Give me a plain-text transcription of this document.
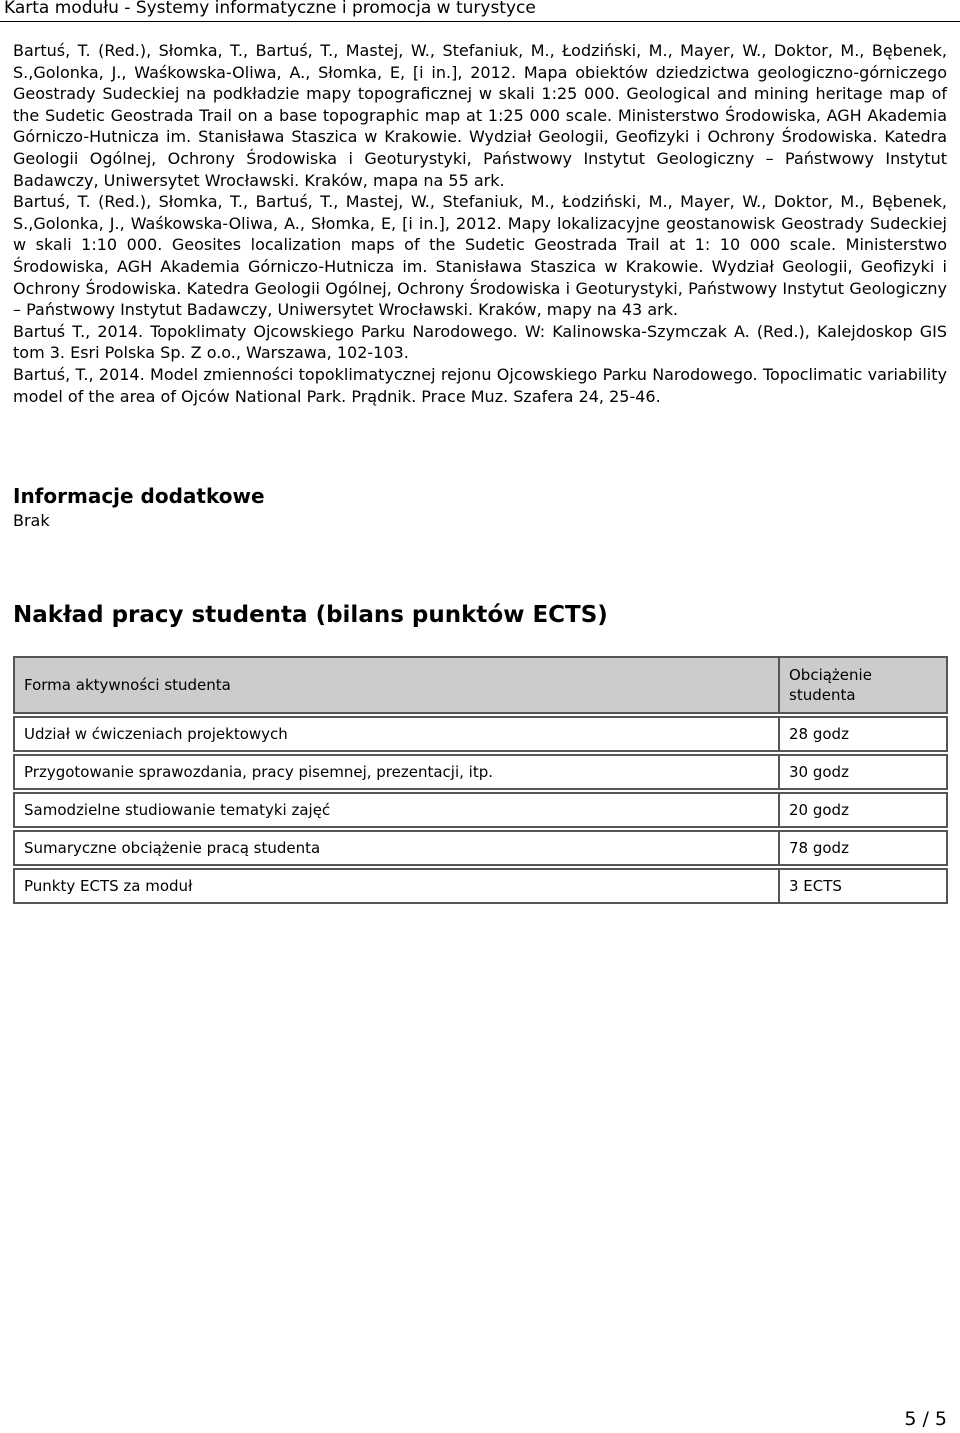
Karta modułu - Systemy informatyczne i promocja w turystyce

Bartuś, T. (Red.), Słomka, T., Bartuś, T., Mastej, W., Stefaniuk, M., Łodziński, M., Mayer, W., Doktor, M., Bębenek, S.,Golonka, J., Waśkowska-Oliwa, A., Słomka, E, [i in.], 2012. Mapa obiektów dziedzictwa geologiczno-górniczego Geostrady Sudeckiej na podkładzie mapy topograficznej w skali 1:25 000. Geological and mining heritage map of the Sudetic Geostrada Trail on a base topographic map at 1:25 000 scale. Ministerstwo Środowiska, AGH Akademia Górniczo-Hutnicza im. Stanisława Staszica w Krakowie. Wydział Geologii, Geofizyki i Ochrony Środowiska. Katedra Geologii Ogólnej, Ochrony Środowiska i Geoturystyki, Państwowy Instytut Geologiczny – Państwowy Instytut Badawczy, Uniwersytet Wrocławski. Kraków, mapa na 55 ark.

Bartuś, T. (Red.), Słomka, T., Bartuś, T., Mastej, W., Stefaniuk, M., Łodziński, M., Mayer, W., Doktor, M., Bębenek, S.,Golonka, J., Waśkowska-Oliwa, A., Słomka, E, [i in.], 2012. Mapy lokalizacyjne geostanowisk Geostrady Sudeckiej w skali 1:10 000. Geosites localization maps of the Sudetic Geostrada Trail at 1: 10 000 scale. Ministerstwo Środowiska, AGH Akademia Górniczo-Hutnicza im. Stanisława Staszica w Krakowie. Wydział Geologii, Geofizyki i Ochrony Środowiska. Katedra Geologii Ogólnej, Ochrony Środowiska i Geoturystyki, Państwowy Instytut Geologiczny – Państwowy Instytut Badawczy, Uniwersytet Wrocławski. Kraków, mapy na 43 ark.

Bartuś T., 2014. Topoklimaty Ojcowskiego Parku Narodowego. W: Kalinowska-Szymczak A. (Red.), Kalejdoskop GIS tom 3. Esri Polska Sp. Z o.o., Warszawa, 102-103.

Bartuś, T., 2014. Model zmienności topoklimatycznej rejonu Ojcowskiego Parku Narodowego. Topoclimatic variability model of the area of Ojców National Park. Prądnik. Prace Muz. Szafera 24, 25-46.

Informacje dodatkowe
Brak
Nakład pracy studenta (bilans punktów ECTS)
Forma aktywności studenta	Obciążenie studenta
Udział w ćwiczeniach projektowych	28 godz
Przygotowanie sprawozdania, pracy pisemnej, prezentacji, itp.	30 godz
Samodzielne studiowanie tematyki zajęć	20 godz
Sumaryczne obciążenie pracą studenta	78 godz
Punkty ECTS za moduł	3 ECTS
5 / 5
